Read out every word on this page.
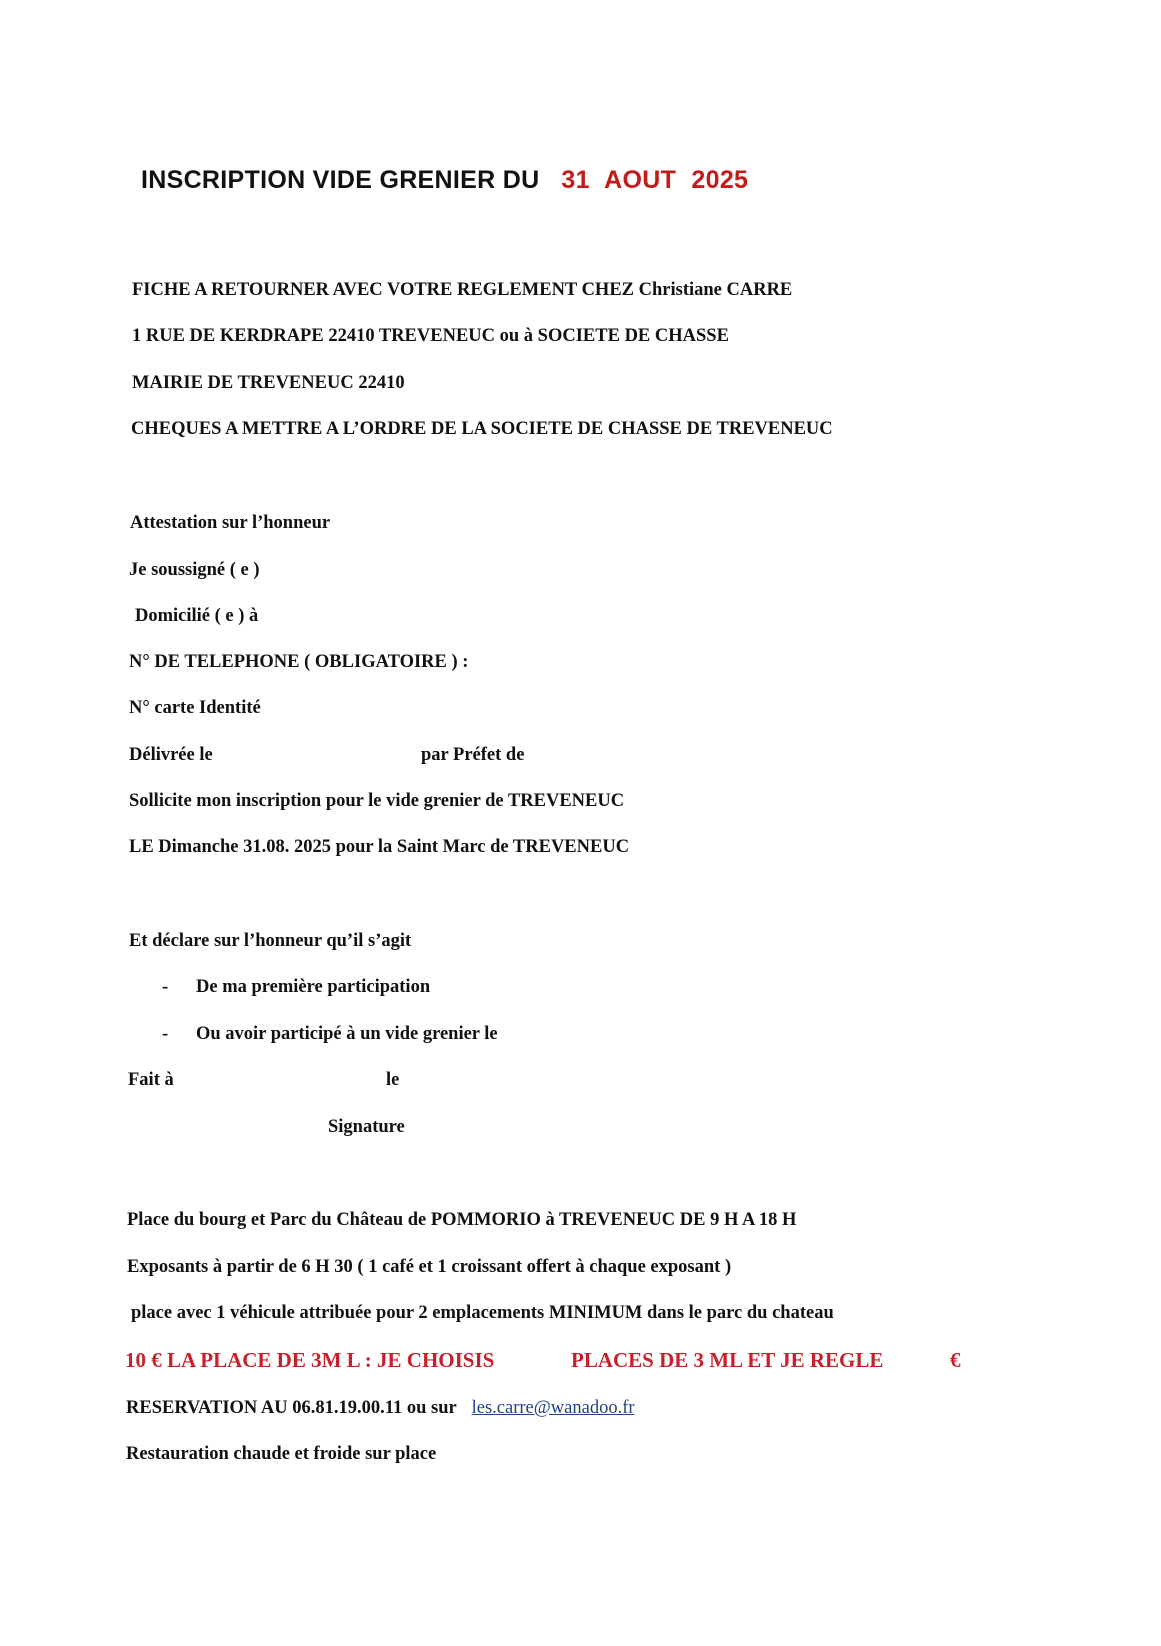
INSCRIPTION VIDE GRENIER DU 31 AOUT 2025
FICHE A RETOURNER AVEC VOTRE REGLEMENT CHEZ Christiane CARRE
1 RUE DE KERDRAPE 22410 TREVENEUC ou à SOCIETE DE CHASSE
MAIRIE DE TREVENEUC 22410
CHEQUES A METTRE A L’ORDRE DE LA SOCIETE DE CHASSE DE TREVENEUC
Attestation sur l’honneur
Je soussigné ( e )
Domicilié ( e ) à
N° DE TELEPHONE ( OBLIGATOIRE ) :
N° carte Identité
Délivrée le	par Préfet de
Sollicite mon inscription pour le vide grenier de TREVENEUC
LE Dimanche 31.08. 2025 pour la Saint Marc de TREVENEUC
Et déclare sur l’honneur qu’il s’agit
- De ma première participation
- Ou avoir participé à un vide grenier le
Fait à	le
Signature
Place du bourg et Parc du Château de POMMORIO à TREVENEUC DE 9 H A 18 H
Exposants à partir de 6 H 30 ( 1 café et 1 croissant offert à chaque exposant )
place avec 1 véhicule attribuée pour 2 emplacements MINIMUM dans le parc du chateau
10 € LA PLACE DE 3M L : JE CHOISIS	PLACES DE 3 ML ET JE REGLE	€
RESERVATION AU 06.81.19.00.11 ou sur les.carre@wanadoo.fr
Restauration chaude et froide sur place
